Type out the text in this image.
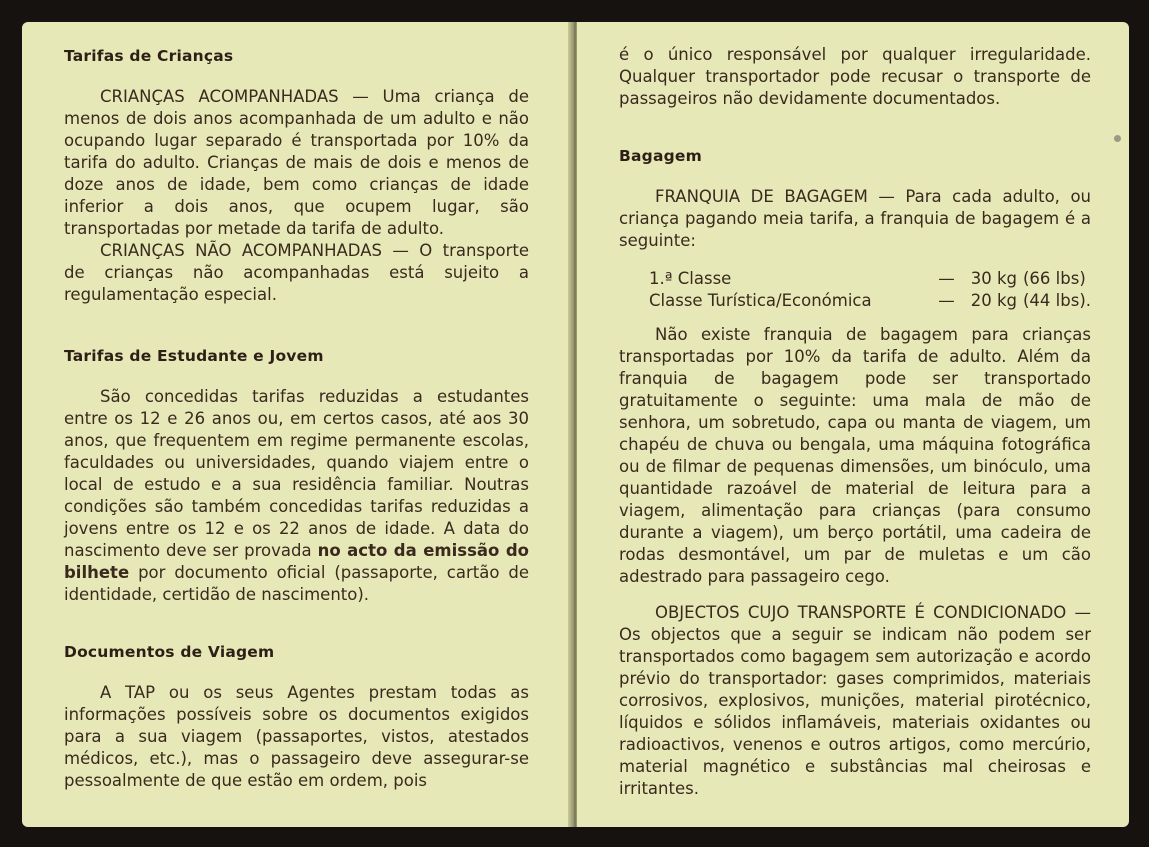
Tarifas de Crianças

CRIANÇAS ACOMPANHADAS — Uma criança de menos de dois anos acompanhada de um adulto e não ocupando lugar separado é transportada por 10% da tarifa do adulto. Crianças de mais de dois e menos de doze anos de idade, bem como crianças de idade inferior a dois anos, que ocupem lugar, são transportadas por metade da tarifa de adulto.

CRIANÇAS NÃO ACOMPANHADAS — O transporte de crianças não acompanhadas está sujeito a regulamentação especial.

Tarifas de Estudante e Jovem

São concedidas tarifas reduzidas a estudantes entre os 12 e 26 anos ou, em certos casos, até aos 30 anos, que frequentem em regime permanente escolas, faculdades ou universidades, quando viajem entre o local de estudo e a sua residência familiar. Noutras condições são também concedidas tarifas reduzidas a jovens entre os 12 e os 22 anos de idade. A data do nascimento deve ser provada no acto da emissão do bilhete por documento oficial (passaporte, cartão de identidade, certidão de nascimento).

Documentos de Viagem

A TAP ou os seus Agentes prestam todas as informações possíveis sobre os documentos exigidos para a sua viagem (passaportes, vistos, atestados médicos, etc.), mas o passageiro deve assegurar-se pessoalmente de que estão em ordem, pois

é o único responsável por qualquer irregularidade. Qualquer transportador pode recusar o transporte de passageiros não devidamente documentados.

Bagagem

FRANQUIA DE BAGAGEM — Para cada adulto, ou criança pagando meia tarifa, a franquia de bagagem é a seguinte:

1.ª Classe	— 30 kg (66 lbs)
Classe Turística/Económica	— 20 kg (44 lbs).

Não existe franquia de bagagem para crianças transportadas por 10% da tarifa de adulto. Além da franquia de bagagem pode ser transportado gratuitamente o seguinte: uma mala de mão de senhora, um sobretudo, capa ou manta de viagem, um chapéu de chuva ou bengala, uma máquina fotográfica ou de filmar de pequenas dimensões, um binóculo, uma quantidade razoável de material de leitura para a viagem, alimentação para crianças (para consumo durante a viagem), um berço portátil, uma cadeira de rodas desmontável, um par de muletas e um cão adestrado para passageiro cego.

OBJECTOS CUJO TRANSPORTE É CONDICIONADO — Os objectos que a seguir se indicam não podem ser transportados como bagagem sem autorização e acordo prévio do transportador: gases comprimidos, materiais corrosivos, explosivos, munições, material pirotécnico, líquidos e sólidos inflamáveis, materiais oxidantes ou radioactivos, venenos e outros artigos, como mercúrio, material magnético e substâncias mal cheirosas e irritantes.
